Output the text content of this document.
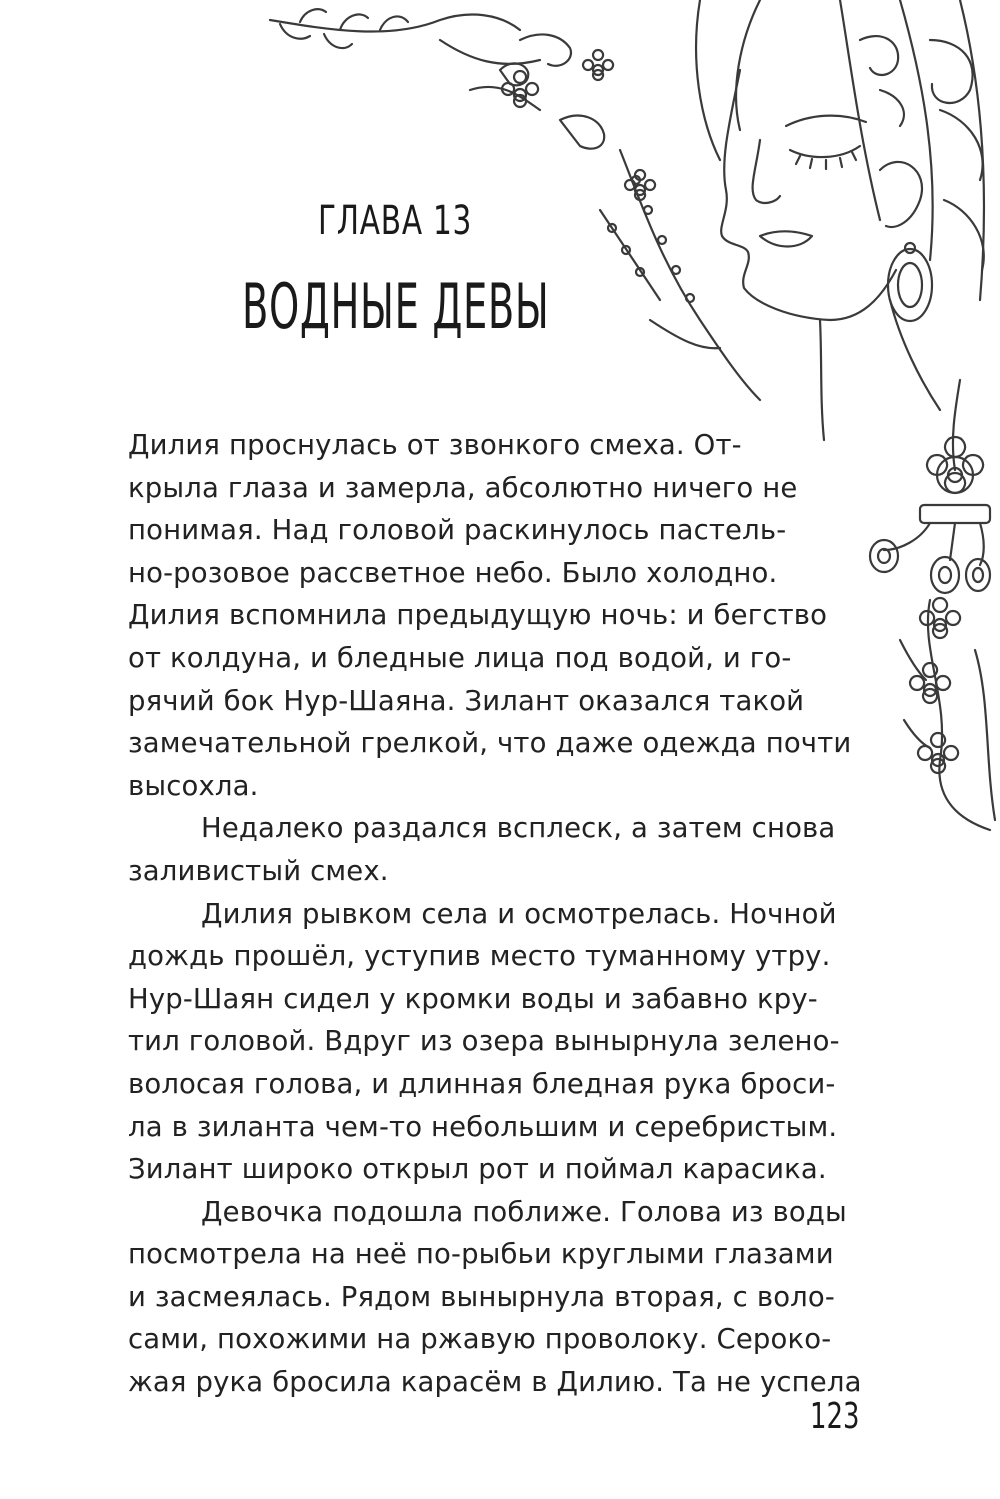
ГЛАВА 13
ВОДНЫЕ ДЕВЫ
Дилия проснулась от звонкого смеха. От-
крыла глаза и замерла, абсолютно ничего не
понимая. Над головой раскинулось пастель-
но-розовое рассветное небо. Было холодно.
Дилия вспомнила предыдущую ночь: и бегство
от колдуна, и бледные лица под водой, и го-
рячий бок Нур-Шаяна. Зилант оказался такой
замечательной грелкой, что даже одежда почти
высохла.
Недалеко раздался всплеск, а затем снова
заливистый смех.
Дилия рывком села и осмотрелась. Ночной
дождь прошёл, уступив место туманному утру.
Нур-Шаян сидел у кромки воды и забавно кру-
тил головой. Вдруг из озера вынырнула зелено-
волосая голова, и длинная бледная рука броси-
ла в зиланта чем-то небольшим и серебристым.
Зилант широко открыл рот и поймал карасика.
Девочка подошла поближе. Голова из воды
посмотрела на неё по-рыбьи круглыми глазами
и засмеялась. Рядом вынырнула вторая, с воло-
сами, похожими на ржавую проволоку. Сероко-
жая рука бросила карасём в Дилию. Та не успела
123
